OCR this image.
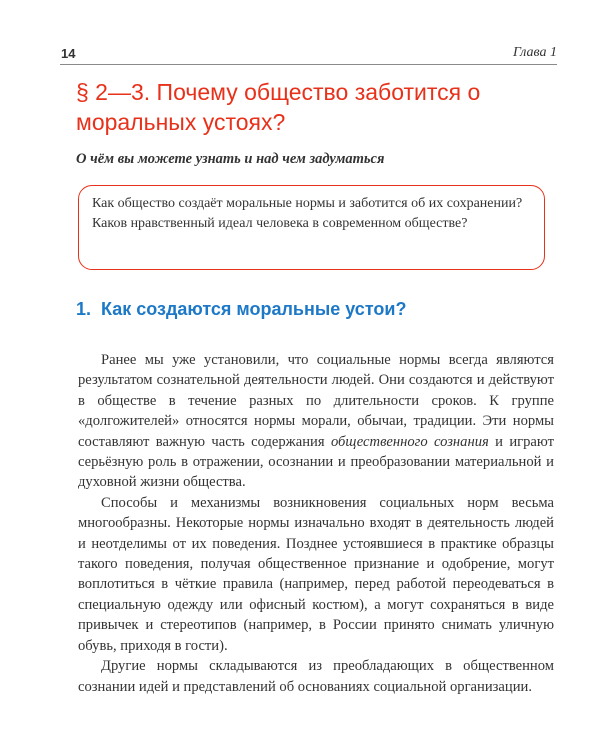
14	Глава 1
§ 2—3. Почему общество заботится о моральных устоях?
О чём вы можете узнать и над чем задуматься

Как общество создаёт моральные нормы и заботится об их сохранении?

Каков нравственный идеал человека в современном обществе?

1. Как создаются моральные устои?

Ранее мы уже установили, что социальные нормы всегда являются результатом сознательной деятельности людей. Они создаются и действуют в обществе в течение разных по длительности сроков. К группе «долгожителей» относятся нормы морали, обычаи, традиции. Эти нормы составляют важную часть содержания общественного сознания и играют серьёзную роль в отражении, осознании и преобразовании материальной и духовной жизни общества.

Способы и механизмы возникновения социальных норм весьма многообразны. Некоторые нормы изначально входят в деятельность людей и неотделимы от их поведения. Позднее устоявшиеся в практике образцы такого поведения, получая общественное признание и одобрение, могут воплотиться в чёткие правила (например, перед работой переодеваться в специальную одежду или офисный костюм), а могут сохраняться в виде привычек и стереотипов (например, в России принято снимать уличную обувь, приходя в гости).

Другие нормы складываются из преобладающих в общественном сознании идей и представлений об основаниях социальной организации.
